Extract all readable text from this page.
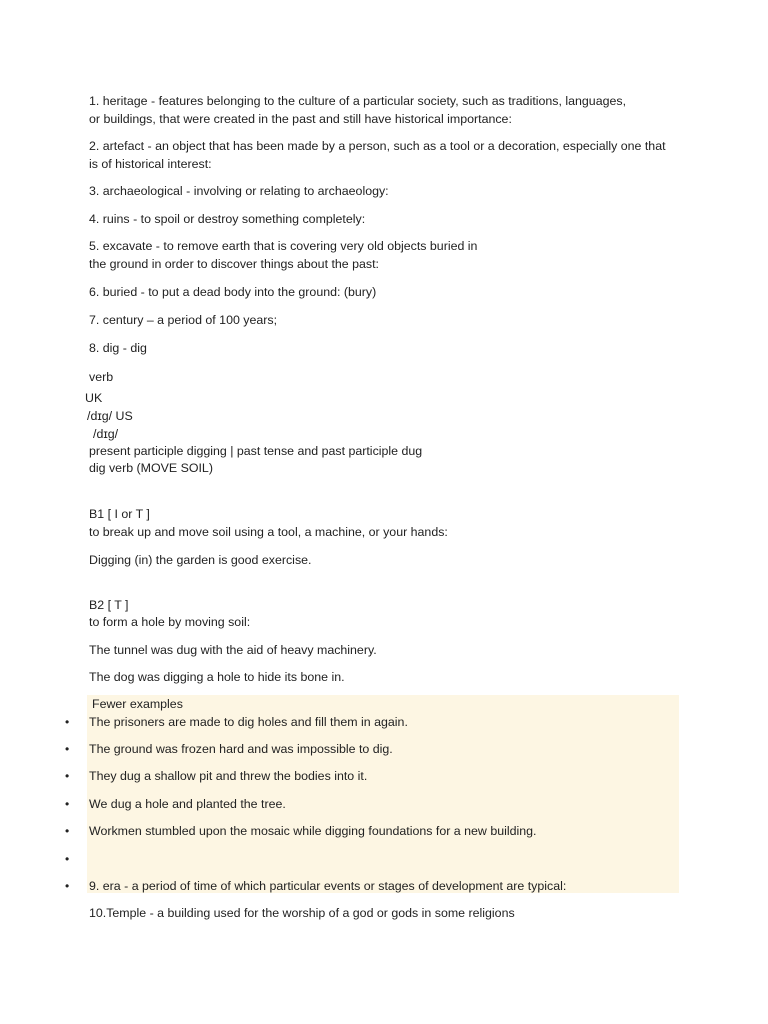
1. heritage - features belonging to the culture of a particular society, such as traditions, languages,
or buildings, that were created in the past and still have historical importance:
2. artefact - an object that has been made by a person, such as a tool or a decoration, especially one that
is of historical interest:
3. archaeological - involving or relating to archaeology:
4. ruins - to spoil or destroy something completely:
5. excavate - to remove earth that is covering very old objects buried in
the ground in order to discover things about the past:
6. buried - to put a dead body into the ground: (bury)
7. century – a period of 100 years;
8. dig - dig
verb
UK
/dɪɡ/ US
/dɪɡ/
present participle digging | past tense and past participle dug
dig verb (MOVE SOIL)
B1 [ I or T ]
to break up and move soil using a tool, a machine, or your hands:
Digging (in) the garden is good exercise.
B2 [ T ]
to form a hole by moving soil:
The tunnel was dug with the aid of heavy machinery.
The dog was digging a hole to hide its bone in.
Fewer examples
• The prisoners are made to dig holes and fill them in again.
• The ground was frozen hard and was impossible to dig.
• They dug a shallow pit and threw the bodies into it.
• We dug a hole and planted the tree.
• Workmen stumbled upon the mosaic while digging foundations for a new building.
•
• 9. era - a period of time of which particular events or stages of development are typical:
10.Temple - a building used for the worship of a god or gods in some religions
